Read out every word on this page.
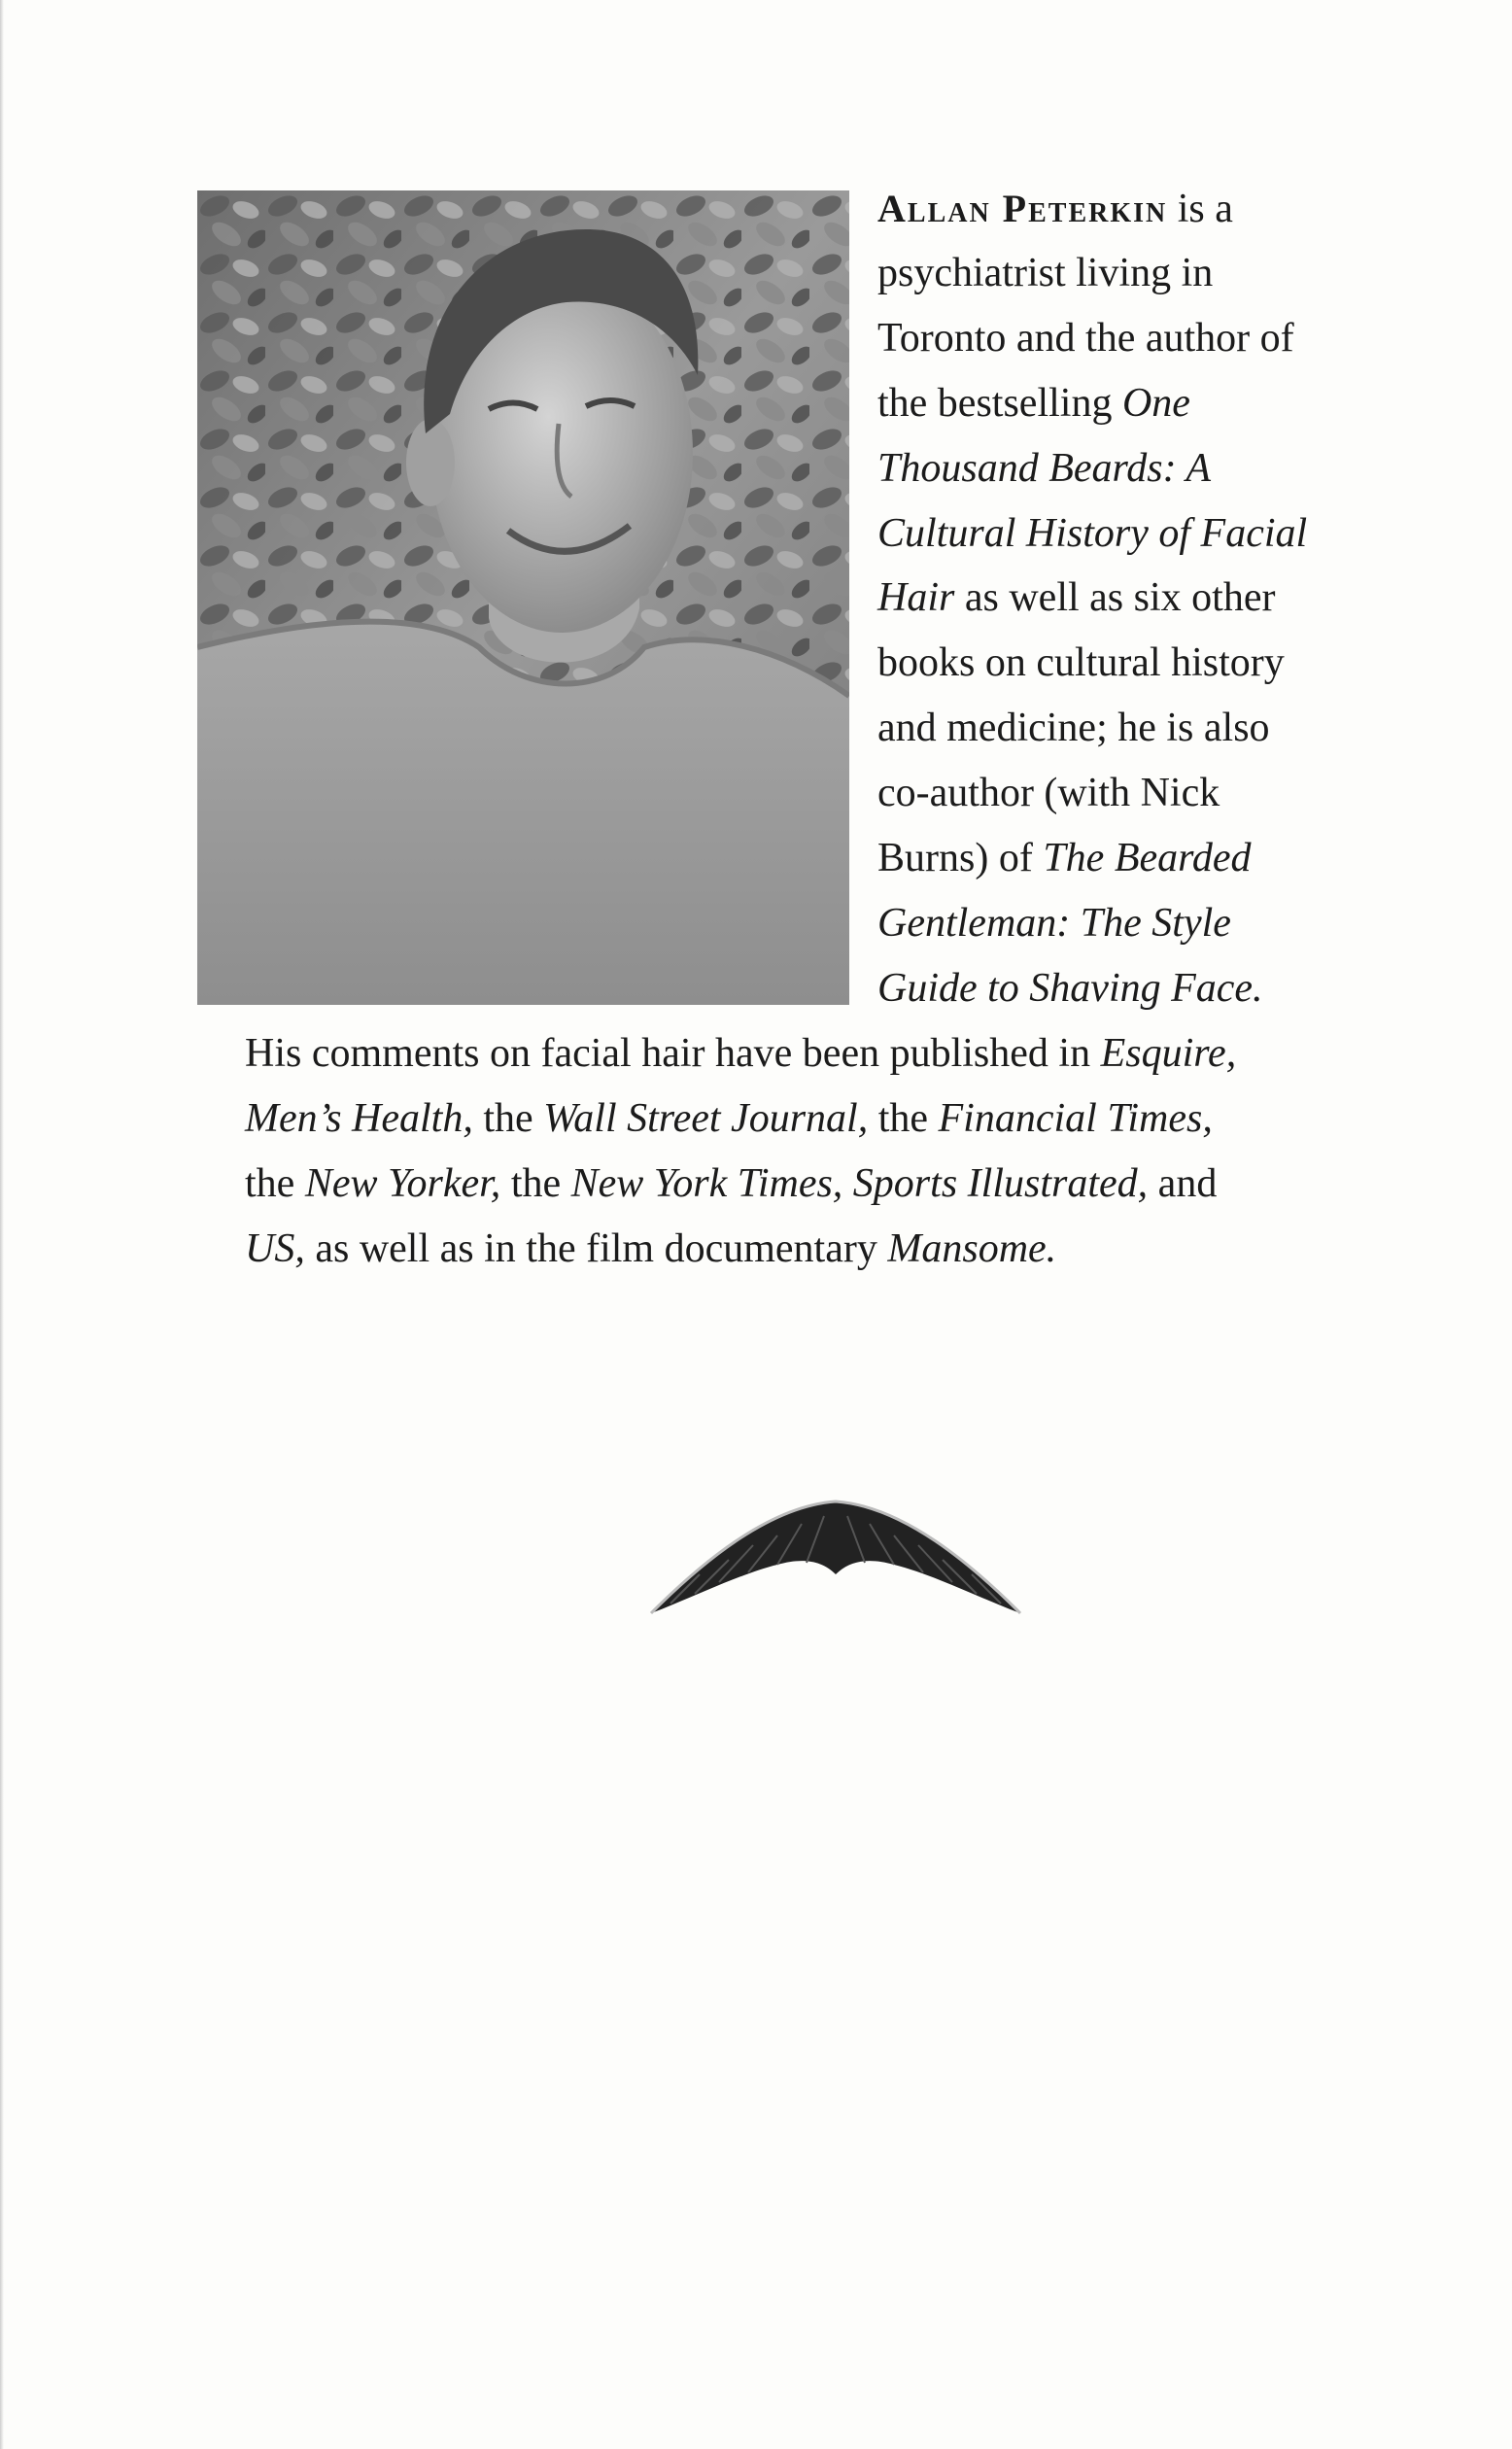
Allan Peterkin is a
psychiatrist living in
Toronto and the author of
the bestselling One
Thousand Beards: A
Cultural History of Facial
Hair as well as six other
books on cultural history
and medicine; he is also
co-author (with Nick
Burns) of The Bearded
Gentleman: The Style
Guide to Shaving Face.
His comments on facial hair have been published in Esquire,
Men’s Health, the Wall Street Journal, the Financial Times,
the New Yorker, the New York Times, Sports Illustrated, and
US, as well as in the film documentary Mansome.
